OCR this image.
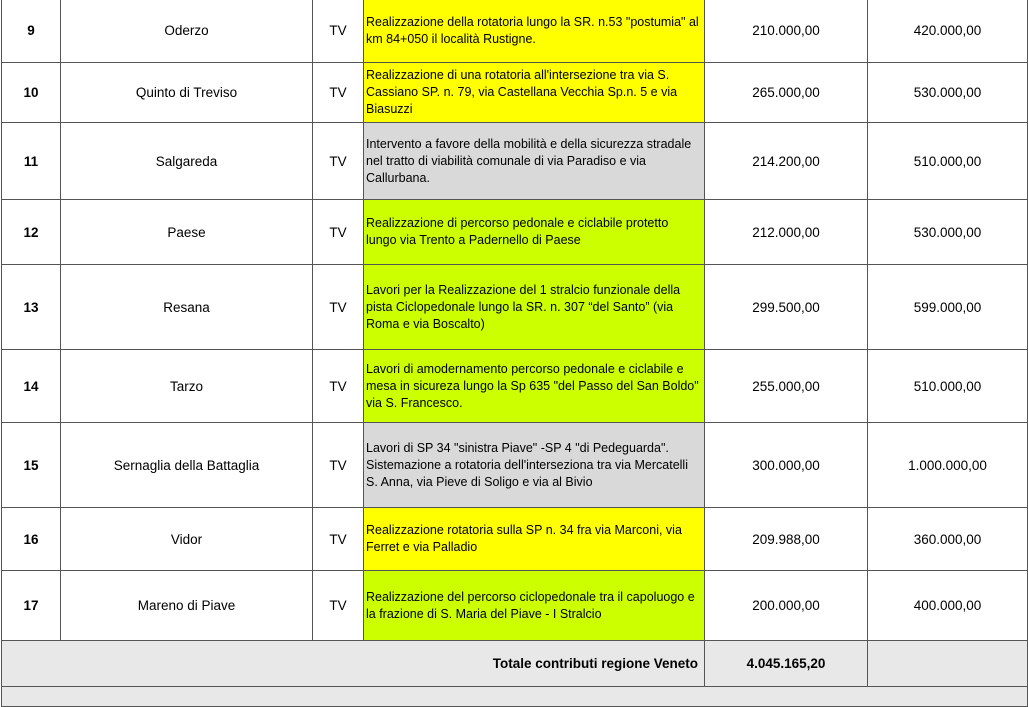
9	Oderzo	TV	Realizzazione della rotatoria lungo la SR. n.53 "postumia" al km 84+050 il località Rustigne.	210.000,00	420.000,00
10	Quinto di Treviso	TV	Realizzazione di una rotatoria all'intersezione tra via S. Cassiano SP. n. 79, via Castellana Vecchia Sp.n. 5 e via Biasuzzi	265.000,00	530.000,00
11	Salgareda	TV	Intervento a favore della mobilità e della sicurezza stradale nel tratto di viabilità comunale di via Paradiso e via Callurbana.	214.200,00	510.000,00
12	Paese	TV	Realizzazione di percorso pedonale e ciclabile protetto lungo via Trento a Padernello di Paese	212.000,00	530.000,00
13	Resana	TV	Lavori per la Realizzazione del 1 stralcio funzionale della pista Ciclopedonale lungo la SR. n. 307 “del Santo” (via Roma e via Boscalto)	299.500,00	599.000,00
14	Tarzo	TV	Lavori di amodernamento percorso pedonale e ciclabile e mesa in sicureza lungo la Sp 635 "del Passo del San Boldo" via S. Francesco.	255.000,00	510.000,00
15	Sernaglia della Battaglia	TV	Lavori di SP 34 "sinistra Piave" -SP 4 "di Pedeguarda". Sistemazione a rotatoria dell'interseziona tra via Mercatelli S. Anna, via Pieve di Soligo e via al Bivio	300.000,00	1.000.000,00
16	Vidor	TV	Realizzazione rotatoria sulla SP n. 34 fra via Marconi, via Ferret e via Palladio	209.988,00	360.000,00
17	Mareno di Piave	TV	Realizzazione del percorso ciclopedonale tra il capoluogo e la frazione di S. Maria del Piave - I Stralcio	200.000,00	400.000,00
Totale contributi regione Veneto				4.045.165,20	
